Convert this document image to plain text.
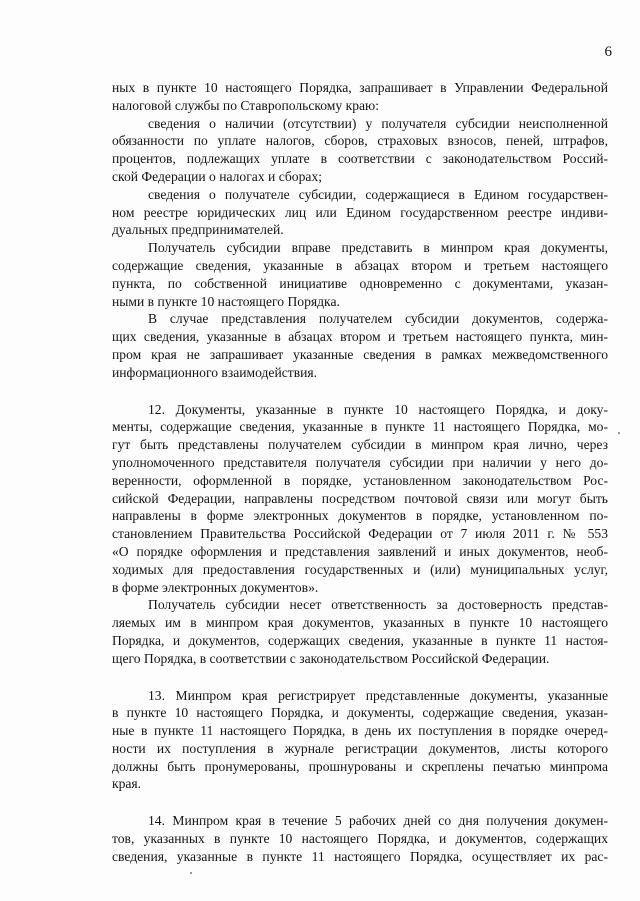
6
ных в пункте 10 настоящего Порядка, запрашивает в Управлении Федеральной
налоговой службы по Ставропольскому краю:
сведения о наличии (отсутствии) у получателя субсидии неисполненной
обязанности по уплате налогов, сборов, страховых взносов, пеней, штрафов,
процентов, подлежащих уплате в соответствии с законодательством Россий-
ской Федерации о налогах и сборах;
сведения о получателе субсидии, содержащиеся в Едином государствен-
ном реестре юридических лиц или Едином государственном реестре индиви-
дуальных предпринимателей.
Получатель субсидии вправе представить в минпром края документы,
содержащие сведения, указанные в абзацах втором и третьем настоящего
пункта, по собственной инициативе одновременно с документами, указан-
ными в пункте 10 настоящего Порядка.
В случае представления получателем субсидии документов, содержа-
щих сведения, указанные в абзацах втором и третьем настоящего пункта, мин-
пром края не запрашивает указанные сведения в рамках межведомственного
информационного взаимодействия.
12. Документы, указанные в пункте 10 настоящего Порядка, и доку-
менты, содержащие сведения, указанные в пункте 11 настоящего Порядка, мо-
гут быть представлены получателем субсидии в минпром края лично, через
уполномоченного представителя получателя субсидии при наличии у него до-
веренности, оформленной в порядке, установленном законодательством Рос-
сийской Федерации, направлены посредством почтовой связи или могут быть
направлены в форме электронных документов в порядке, установленном по-
становлением Правительства Российской Федерации от 7 июля 2011 г. № 553
«О порядке оформления и представления заявлений и иных документов, необ-
ходимых для предоставления государственных и (или) муниципальных услуг,
в форме электронных документов».
Получатель субсидии несет ответственность за достоверность представ-
ляемых им в минпром края документов, указанных в пункте 10 настоящего
Порядка, и документов, содержащих сведения, указанные в пункте 11 настоя-
щего Порядка, в соответствии с законодательством Российской Федерации.
13. Минпром края регистрирует представленные документы, указанные
в пункте 10 настоящего Порядка, и документы, содержащие сведения, указан-
ные в пункте 11 настоящего Порядка, в день их поступления в порядке очеред-
ности их поступления в журнале регистрации документов, листы которого
должны быть пронумерованы, прошнурованы и скреплены печатью минпрома
края.
14. Минпром края в течение 5 рабочих дней со дня получения докумен-
тов, указанных в пункте 10 настоящего Порядка, и документов, содержащих
сведения, указанные в пункте 11 настоящего Порядка, осуществляет их рас-
